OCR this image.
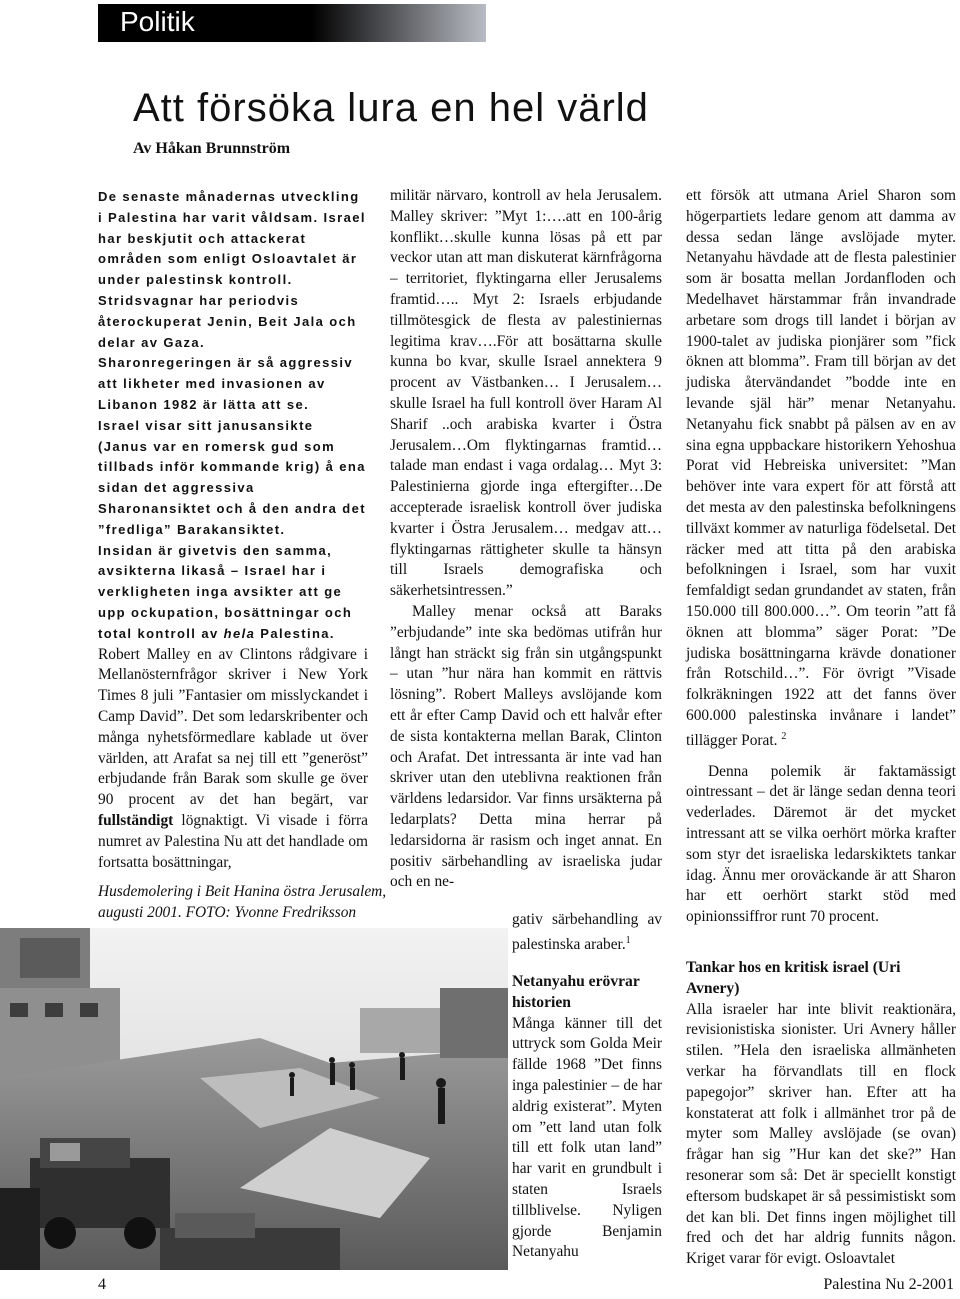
Politik
Att försöka lura en hel värld
Av Håkan Brunnström

De senaste månadernas utveckling i Palestina har varit våldsam. Israel har beskjutit och attackerat områden som enligt Osloavtalet är under palestinsk kontroll. Stridsvagnar har periodvis återockuperat Jenin, Beit Jala och delar av Gaza.

Sharonregeringen är så aggressiv att likheter med invasionen av Libanon 1982 är lätta att se.

Israel visar sitt janusansikte (Janus var en romersk gud som tillbads inför kommande krig) å ena sidan det aggressiva Sharonansiktet och å den andra det ”fredliga” Barakansiktet.

Insidan är givetvis den samma, avsikterna likaså – Israel har i verkligheten inga avsikter att ge upp ockupation, bosättningar och total kontroll av hela Palestina.

Robert Malley en av Clintons rådgivare i Mellanösternfrågor skriver i New York Times 8 juli ”Fantasier om misslyckandet i Camp David”. Det som ledarskribenter och många nyhetsförmedlare kablade ut över världen, att Arafat sa nej till ett ”generöst” erbjudande från Barak som skulle ge över 90 procent av det han begärt, var fullständigt lögnaktigt. Vi visade i förra numret av Palestina Nu att det handlade om fortsatta bosättningar,

Husdemolering i Beit Hanina östra Jerusalem, augusti 2001. FOTO: Yvonne Fredriksson

militär närvaro, kontroll av hela Jerusalem. Malley skriver: ”Myt 1:….att en 100-årig konflikt…skulle kunna lösas på ett par veckor utan att man diskuterat kärnfrågorna – territoriet, flyktingarna eller Jerusalems framtid….. Myt 2: Israels erbjudande tillmötesgick de flesta av palestiniernas legitima krav….För att bosättarna skulle kunna bo kvar, skulle Israel annektera 9 procent av Västbanken… I Jerusalem…skulle Israel ha full kontroll över Haram Al Sharif ..och arabiska kvarter i Östra Jerusalem…Om flyktingarnas framtid…talade man endast i vaga ordalag… Myt 3: Palestinierna gjorde inga eftergifter…De accepterade israelisk kontroll över judiska kvarter i Östra Jerusalem… medgav att… flyktingarnas rättigheter skulle ta hänsyn till Israels demografiska och säkerhetsintressen.”

Malley menar också att Baraks ”erbjudande” inte ska bedömas utifrån hur långt han sträckt sig från sin utgångspunkt – utan ”hur nära han kommit en rättvis lösning”. Robert Malleys avslöjande kom ett år efter Camp David och ett halvår efter de sista kontakterna mellan Barak, Clinton och Arafat. Det intressanta är inte vad han skriver utan den uteblivna reaktionen från världens ledarsidor. Var finns ursäkterna på ledarplats? Detta mina herrar på ledarsidorna är rasism och inget annat. En positiv särbehandling av israeliska judar och en ne-

gativ särbehandling av palestinska araber.$^1$

Netanyahu erövrar historien

Många känner till det uttryck som Golda Meir fällde 1968 ”Det finns inga palestinier – de har aldrig existerat”. Myten om ”ett land utan folk till ett folk utan land” har varit en grundbult i staten Israels tillblivelse. Nyligen gjorde Benjamin Netanyahu

ett försök att utmana Ariel Sharon som högerpartiets ledare genom att damma av dessa sedan länge avslöjade myter. Netanyahu hävdade att de flesta palestinier som är bosatta mellan Jordanfloden och Medelhavet härstammar från invandrade arbetare som drogs till landet i början av 1900-talet av judiska pionjärer som ”fick öknen att blomma”. Fram till början av det judiska återvändandet ”bodde inte en levande själ här” menar Netanyahu. Netanyahu fick snabbt på pälsen av en av sina egna uppbackare historikern Yehoshua Porat vid Hebreiska universitet: ”Man behöver inte vara expert för att förstå att det mesta av den palestinska befolkningens tillväxt kommer av naturliga födelsetal. Det räcker med att titta på den arabiska befolkningen i Israel, som har vuxit femfaldigt sedan grundandet av staten, från 150.000 till 800.000…”. Om teorin ”att få öknen att blomma” säger Porat: ”De judiska bosättningarna krävde donationer från Rotschild…”. För övrigt ”Visade folkräkningen 1922 att det fanns över 600.000 palestinska invånare i landet” tillägger Porat. $^2$

Denna polemik är faktamässigt ointressant – det är länge sedan denna teori vederlades. Däremot är det mycket intressant att se vilka oerhört mörka krafter som styr det israeliska ledarskiktets tankar idag. Ännu mer oroväckande är att Sharon har ett oerhört starkt stöd med opinionssiffror runt 70 procent.

Tankar hos en kritisk israel (Uri Avnery)

Alla israeler har inte blivit reaktionära, revisionistiska sionister. Uri Avnery håller stilen. ”Hela den israeliska allmänheten verkar ha förvandlats till en flock papegojor” skriver han. Efter att ha konstaterat att folk i allmänhet tror på de myter som Malley avslöjade (se ovan) frågar han sig ”Hur kan det ske?” Han resonerar som så: Det är speciellt konstigt eftersom budskapet är så pessimistiskt som det kan bli. Det finns ingen möjlighet till fred och det har aldrig funnits någon. Kriget varar för evigt. Osloavtalet

4	Palestina Nu 2-2001
